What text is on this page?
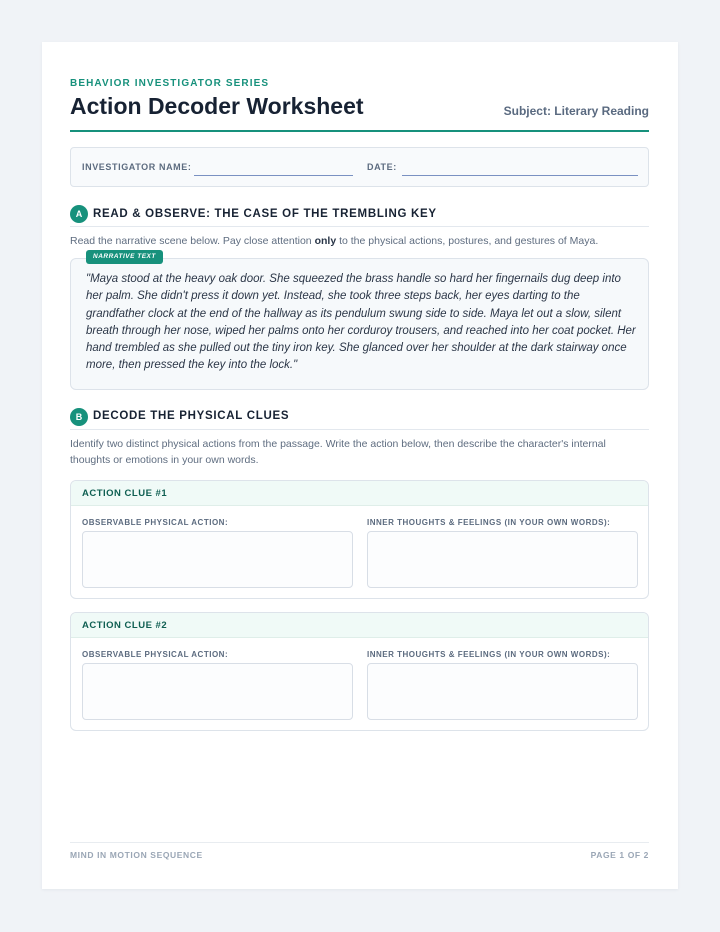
BEHAVIOR INVESTIGATOR SERIES
Action Decoder Worksheet	Subject: Literary Reading
INVESTIGATOR NAME:	DATE:
A READ & OBSERVE: THE CASE OF THE TREMBLING KEY
Read the narrative scene below. Pay close attention only to the physical actions, postures, and gestures of Maya.
NARRATIVE TEXT

"Maya stood at the heavy oak door. She squeezed the brass handle so hard her fingernails dug deep into her palm. She didn't press it down yet. Instead, she took three steps back, her eyes darting to the grandfather clock at the end of the hallway as its pendulum swung side to side. Maya let out a slow, silent breath through her nose, wiped her palms onto her corduroy trousers, and reached into her coat pocket. Her hand trembled as she pulled out the tiny iron key. She glanced over her shoulder at the dark stairway once more, then pressed the key into the lock."

B DECODE THE PHYSICAL CLUES
Identify two distinct physical actions from the passage. Write the action below, then describe the character's internal thoughts or emotions in your own words.
ACTION CLUE #1
OBSERVABLE PHYSICAL ACTION:	INNER THOUGHTS & FEELINGS (IN YOUR OWN WORDS):
ACTION CLUE #2
OBSERVABLE PHYSICAL ACTION:	INNER THOUGHTS & FEELINGS (IN YOUR OWN WORDS):
MIND IN MOTION SEQUENCE	PAGE 1 OF 2
